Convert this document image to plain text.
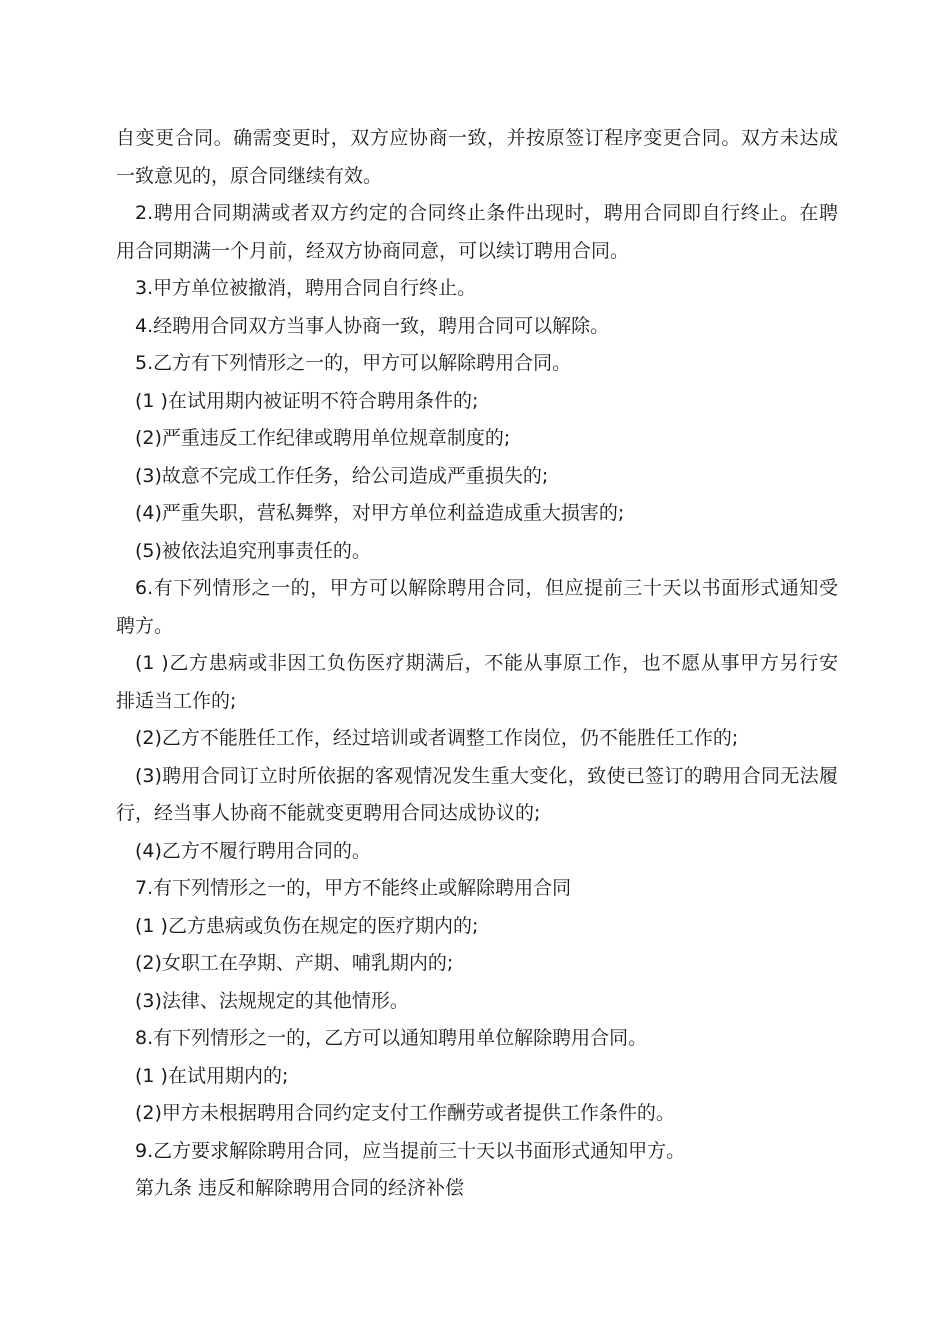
自变更合同。确需变更时，双方应协商一致，并按原签订程序变更合同。双方未达成
一致意见的，原合同继续有效。
2.聘用合同期满或者双方约定的合同终止条件出现时，聘用合同即自行终止。在聘
用合同期满一个月前，经双方协商同意，可以续订聘用合同。
3.甲方单位被撤消，聘用合同自行终止。
4.经聘用合同双方当事人协商一致，聘用合同可以解除。
5.乙方有下列情形之一的，甲方可以解除聘用合同。
(1 )在试用期内被证明不符合聘用条件的;
(2)严重违反工作纪律或聘用单位规章制度的;
(3)故意不完成工作任务，给公司造成严重损失的;
(4)严重失职，营私舞弊，对甲方单位利益造成重大损害的;
(5)被依法追究刑事责任的。
6.有下列情形之一的，甲方可以解除聘用合同，但应提前三十天以书面形式通知受
聘方。
(1 )乙方患病或非因工负伤医疗期满后，不能从事原工作，也不愿从事甲方另行安
排适当工作的;
(2)乙方不能胜任工作，经过培训或者调整工作岗位，仍不能胜任工作的;
(3)聘用合同订立时所依据的客观情况发生重大变化，致使已签订的聘用合同无法履
行，经当事人协商不能就变更聘用合同达成协议的;
(4)乙方不履行聘用合同的。
7.有下列情形之一的，甲方不能终止或解除聘用合同
(1 )乙方患病或负伤在规定的医疗期内的;
(2)女职工在孕期、产期、哺乳期内的;
(3)法律、法规规定的其他情形。
8.有下列情形之一的，乙方可以通知聘用单位解除聘用合同。
(1 )在试用期内的;
(2)甲方未根据聘用合同约定支付工作酬劳或者提供工作条件的。
9.乙方要求解除聘用合同，应当提前三十天以书面形式通知甲方。
第九条 违反和解除聘用合同的经济补偿
